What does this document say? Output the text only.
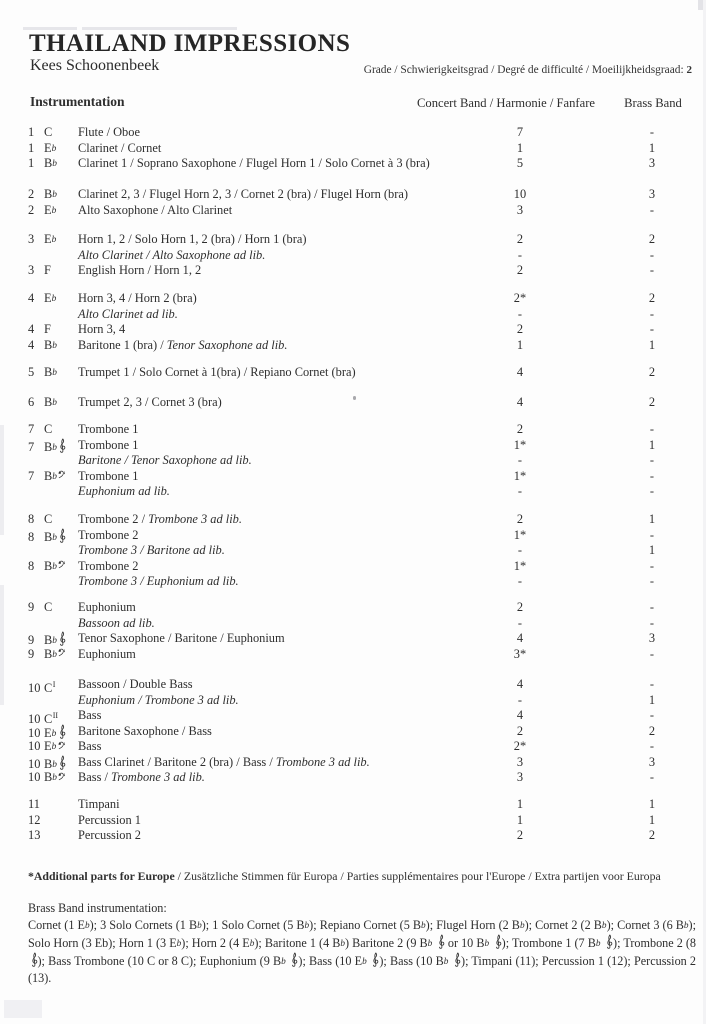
THAILAND IMPRESSIONS
Kees Schoonenbeek	Grade / Schwierigkeitsgrad / Degré de difficulté / Moeilijkheidsgraad: 2
Instrumentation	Concert Band / Harmonie / Fanfare	Brass Band
1 C Flute / Oboe	7	-
1 Eb Clarinet / Cornet	1	1
1 Bb Clarinet 1 / Soprano Saxophone / Flugel Horn 1 / Solo Cornet à 3 (bra)	5	3
2 Bb Clarinet 2, 3 / Flugel Horn 2, 3 / Cornet 2 (bra) / Flugel Horn (bra)	10	3
2 Eb Alto Saxophone / Alto Clarinet	3	-
3 Eb Horn 1, 2 / Solo Horn 1, 2 (bra) / Horn 1 (bra)	2	2
Alto Clarinet / Alto Saxophone ad lib.	-	-
3 F English Horn / Horn 1, 2	2	-
4 Eb Horn 3, 4 / Horn 2 (bra)	2*	2
Alto Clarinet ad lib.	-	-
4 F Horn 3, 4	2	-
4 Bb Baritone 1 (bra) / Tenor Saxophone ad lib.	1	1
5 Bb Trumpet 1 / Solo Cornet à 1(bra) / Repiano Cornet (bra)	4	2
6 Bb Trumpet 2, 3 / Cornet 3 (bra)	4	2
7 C Trombone 1	2	-
7 Bb	Trombone 1	1*	1
Baritone / Tenor Saxophone ad lib.	-	-
7 Bb	Trombone 1	1*	-
Euphonium ad lib.	-	-
8 C Trombone 2 / Trombone 3 ad lib.	2	1
8 Bb	Trombone 2	1*	-
Trombone 3 / Baritone ad lib.	-	1
8 Bb	Trombone 2	1*	-
Trombone 3 / Euphonium ad lib.	-	-
9 C Euphonium	2	-
Bassoon ad lib.	-	-
9 Bb	Tenor Saxophone / Baritone / Euphonium	4	3
9 Bb	Euphonium	3*	-
10 $C^I$ Bassoon / Double Bass	4	-
Euphonium / Trombone 3 ad lib.	-	1
10 $C^{II}$ Bass	4	-
10 Eb	Baritone Saxophone / Bass	2	2
10 Eb	Bass	2*	-
10 Bb	Bass Clarinet / Baritone 2 (bra) / Bass / Trombone 3 ad lib.	3	3
10 Bb	Bass / Trombone 3 ad lib.	3	-
11	Timpani	1	1
12	Percussion 1	1	1
13	Percussion 2	2	2
*Additional parts for Europe / Zusätzliche Stimmen für Europa / Parties supplémentaires pour l'Europe / Extra partijen voor Europa
Brass Band instrumentation:
Cornet (1 Eb); 3 Solo Cornets (1 Bb); 1 Solo Cornet (5 Bb); Repiano Cornet (5 Bb); Flugel Horn (2 Bb); Cornet 2 (2 Bb); Cornet 3 (6 Bb); Solo Horn (3 Eb); Horn 1 (3 Eb); Horn 2 (4 Eb); Baritone 1 (4 Bb) Baritone 2 (9 Bb  or 10 Bb ); Trombone 1 (7 Bb ); Trombone 2 (8 ); Bass Trombone (10 C or 8 C); Euphonium (9 Bb ); Bass (10 Eb ); Bass (10 Bb ); Timpani (11); Percussion 1 (12); Percussion 2 (13).
